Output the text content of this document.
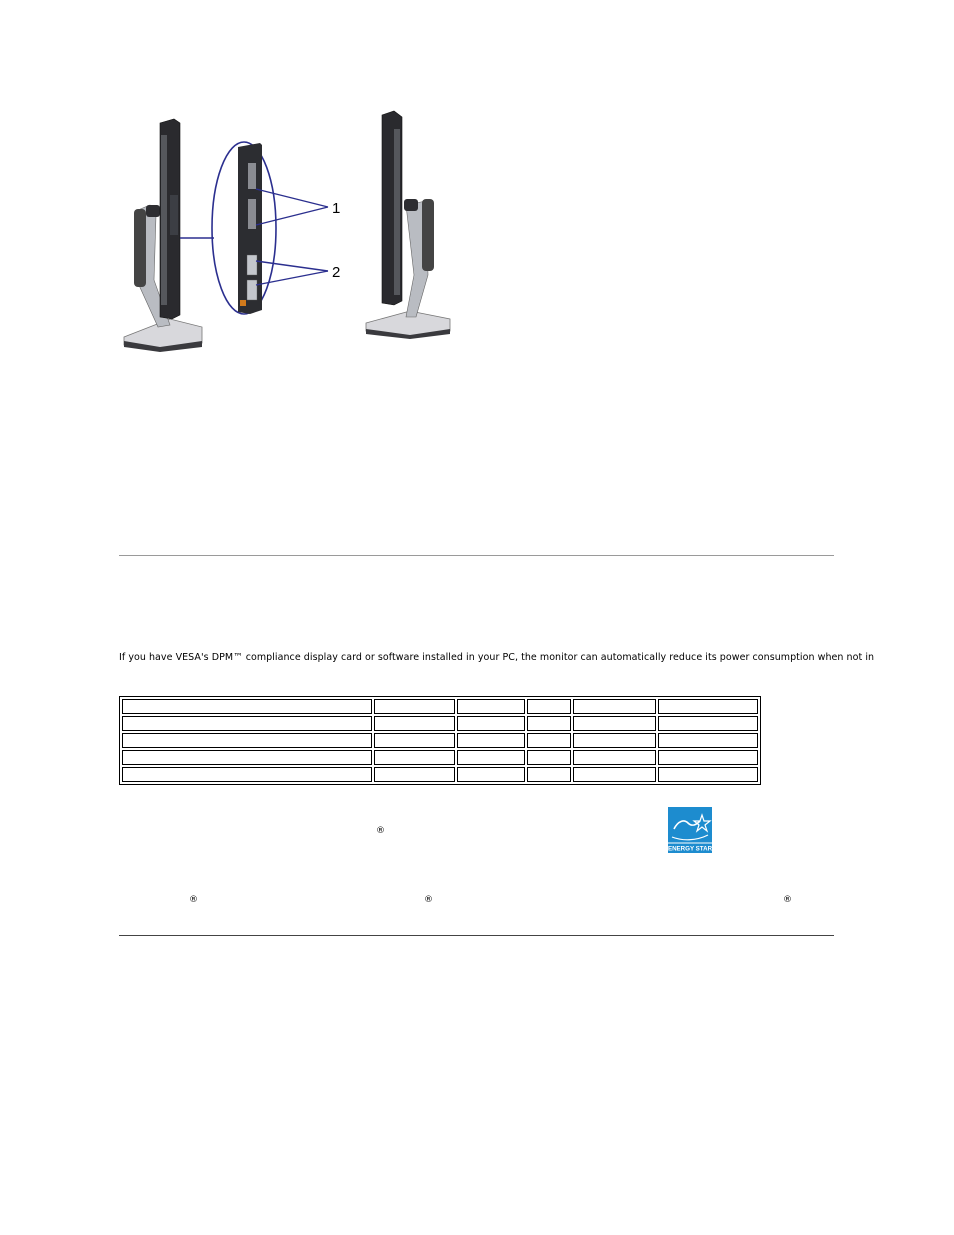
1
2
If you have VESA's DPM™ compliance display card or software installed in your PC, the monitor can automatically reduce its power consumption when not in

®
®	®	®
ENERGY STAR
